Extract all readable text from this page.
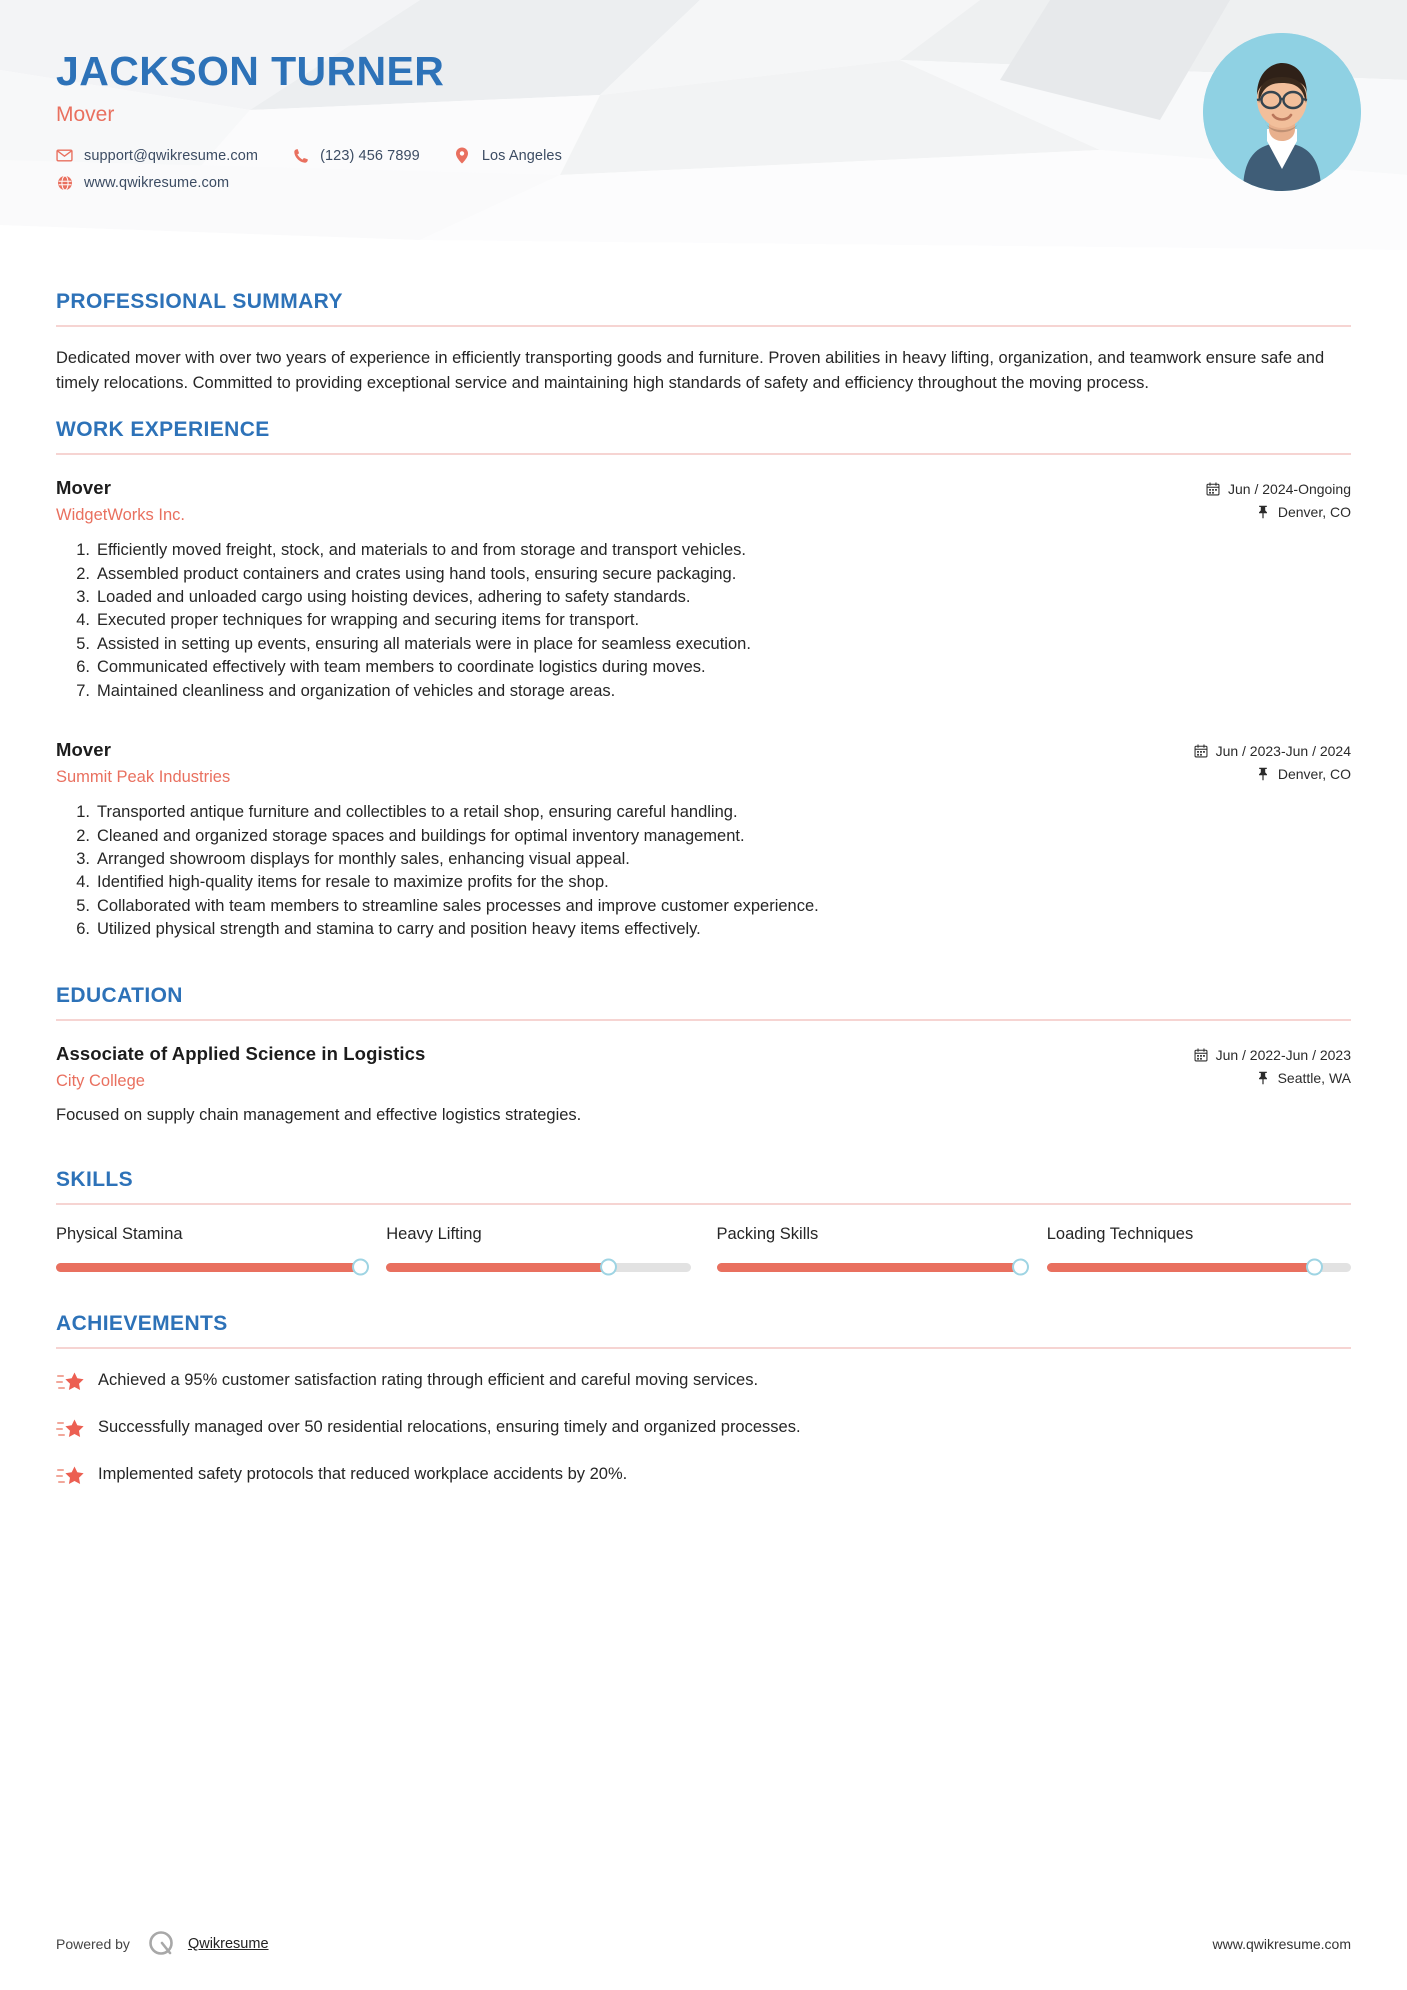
JACKSON TURNER
Mover
support@qwikresume.com	(123) 456 7899	Los Angeles
www.qwikresume.com
PROFESSIONAL SUMMARY

Dedicated mover with over two years of experience in efficiently transporting goods and furniture. Proven abilities in heavy lifting, organization, and teamwork ensure safe and timely relocations. Committed to providing exceptional service and maintaining high standards of safety and efficiency throughout the moving process.

WORK EXPERIENCE
Mover
WidgetWorks Inc.
Jun / 2024-Ongoing
Denver, CO
1. Efficiently moved freight, stock, and materials to and from storage and transport vehicles.
2. Assembled product containers and crates using hand tools, ensuring secure packaging.
3. Loaded and unloaded cargo using hoisting devices, adhering to safety standards.
4. Executed proper techniques for wrapping and securing items for transport.
5. Assisted in setting up events, ensuring all materials were in place for seamless execution.
6. Communicated effectively with team members to coordinate logistics during moves.
7. Maintained cleanliness and organization of vehicles and storage areas.
Mover
Summit Peak Industries
Jun / 2023-Jun / 2024
Denver, CO
1. Transported antique furniture and collectibles to a retail shop, ensuring careful handling.
2. Cleaned and organized storage spaces and buildings for optimal inventory management.
3. Arranged showroom displays for monthly sales, enhancing visual appeal.
4. Identified high-quality items for resale to maximize profits for the shop.
5. Collaborated with team members to streamline sales processes and improve customer experience.
6. Utilized physical strength and stamina to carry and position heavy items effectively.
EDUCATION
Associate of Applied Science in Logistics
City College
Jun / 2022-Jun / 2023
Seattle, WA
Focused on supply chain management and effective logistics strategies.
SKILLS
Physical Stamina	Heavy Lifting	Packing Skills	Loading Techniques
ACHIEVEMENTS
Achieved a 95% customer satisfaction rating through efficient and careful moving services.
Successfully managed over 50 residential relocations, ensuring timely and organized processes.
Implemented safety protocols that reduced workplace accidents by 20%.
Powered by	Qwikresume	www.qwikresume.com
